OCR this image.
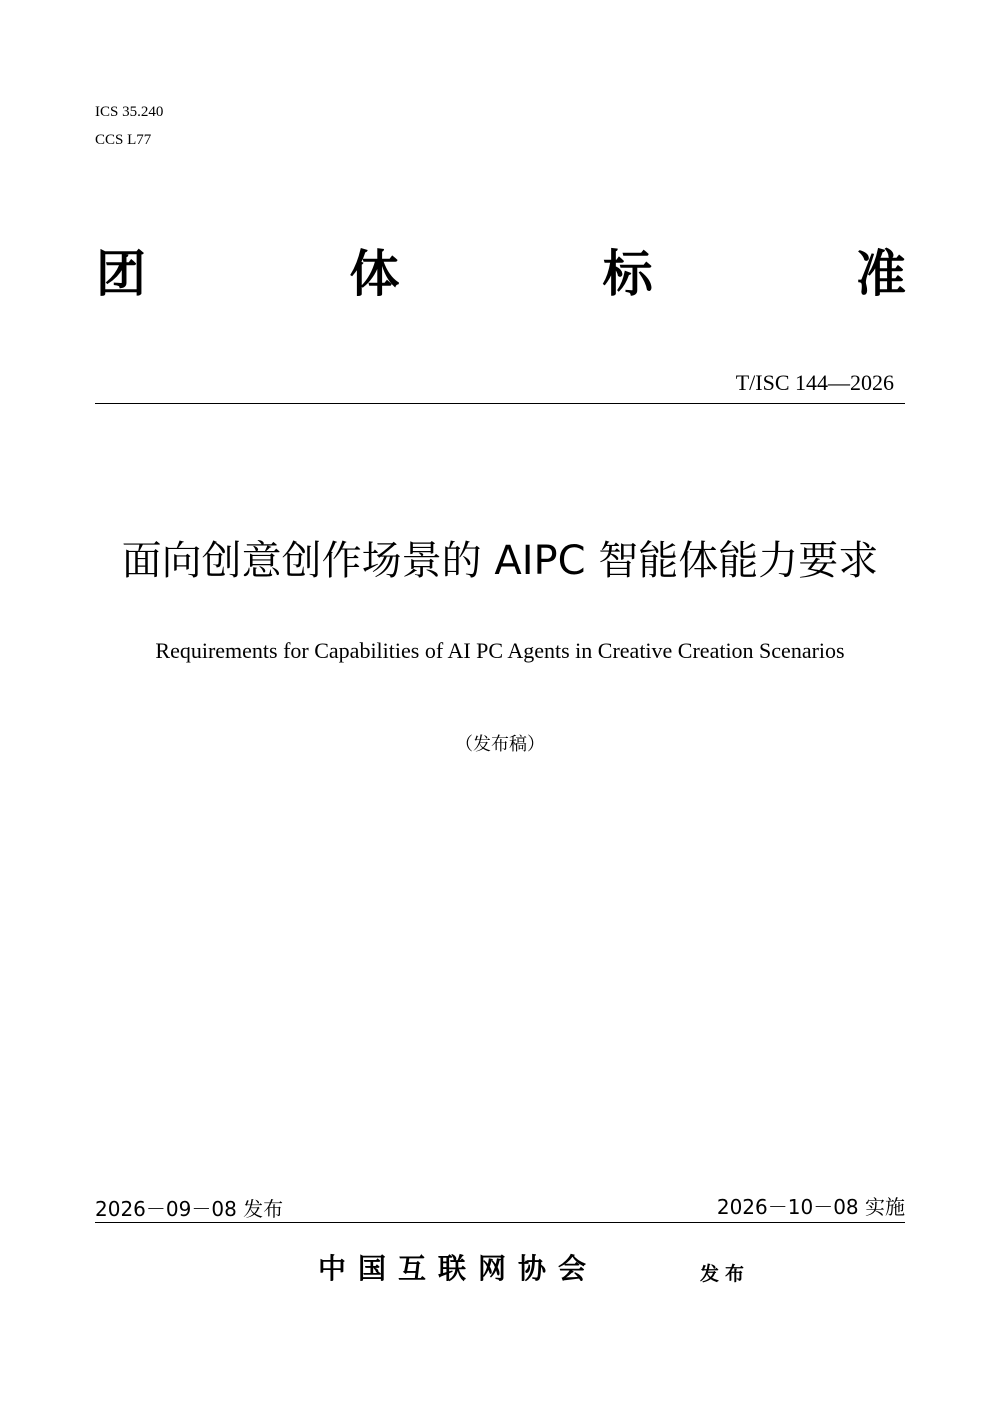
ICS 35.240
CCS L77
团	体	标	准
T/ISC 144—2026
面向创意创作场景的 AIPC 智能体能力要求
Requirements for Capabilities of AI PC Agents in Creative Creation Scenarios
（发布稿）
2026－09－08 发布	2026－10－08 实施
中国互联网协会	发布
